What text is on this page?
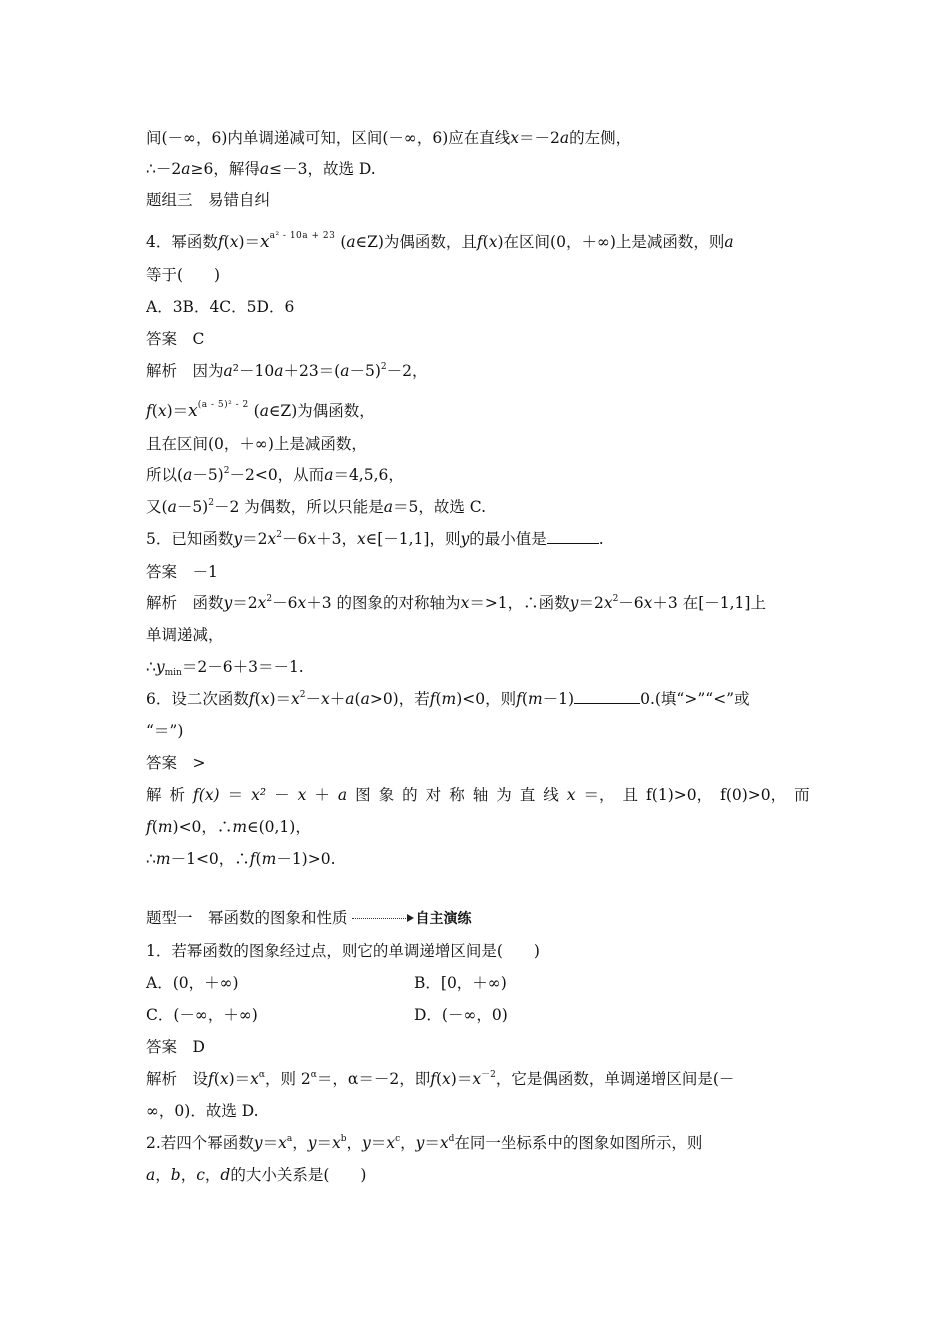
间(－∞，6)内单调递减可知，区间(－∞，6)应在直线x＝－2a的左侧，
∴－2a≥6，解得a≤－3，故选 D.
题组三　易错自纠
4．幂函数$f(x)=x^{a^2 - 10a + 23}$ (a∈Z)为偶函数，且f(x)在区间(0，＋∞)上是减函数，则a
等于(　　)
A．3B．4C．5D．6
答案　C
解析　因为$a^2-10a+23=(a-5)^2-2$，
$f(x)=x^{(a - 5)^2 - 2}$ (a∈Z)为偶函数，
且在区间(0，＋∞)上是减函数，
所以$(a-5)^2-2<0$，从而a＝4,5,6，
又$(a-5)^2-2$ 为偶数，所以只能是a＝5，故选 C.
5．已知函数$y=2x^2-6x+3$，x∈[－1,1]，则y的最小值是	.
答案　－1
解析　函数$y=2x^2-6x+3$ 的图象的对称轴为x＝>1，∴函数$y=2x^2-6x+3$ 在[－1,1]上
单调递减，
$\therefore y_{min}=2-6+3=-1$.
6．设二次函数$f(x)=x^2-x+a(a>0)$，若f(m)<0，则f(m－1)	0.(填“>”“<”或
“＝”)
答案　>
解 析 f(x) ＝ x² － x ＋ a 图 象 的 对 称 轴 为 直 线 x ＝， 且 f(1)>0， f(0)>0， 而
f(m)<0，∴m∈(0,1)，
∴m－1<0，∴f(m－1)>0.
题型一　幂函数的图象和性质	自主演练
1．若幂函数的图象经过点，则它的单调递增区间是(　　)
A．(0，＋∞)	B．[0，＋∞)
C．(－∞，＋∞)	D．(－∞，0)
答案　D
解析　设$f(x)=x^\alpha$，则 $2^\alpha=$，α＝－2，即$f(x)=x^{-2}$，它是偶函数，单调递增区间是(－
∞，0)．故选 D.
2.若四个幂函数$y=x^a$，$y=x^b$，$y=x^c$，$y=x^d$在同一坐标系中的图象如图所示，则
a，b，c，d的大小关系是(　　)
